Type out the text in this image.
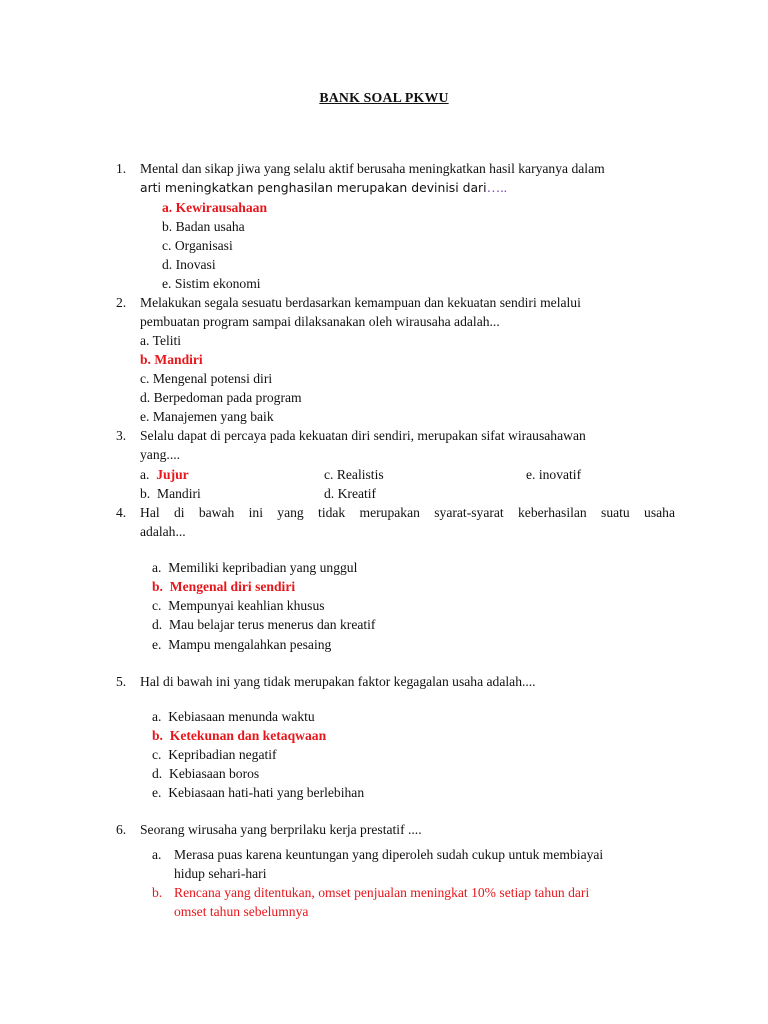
BANK SOAL PKWU
1. Mental dan sikap jiwa yang selalu aktif berusaha meningkatkan hasil karyanya dalam
arti meningkatkan penghasilan merupakan devinisi dari…..
a. Kewirausahaan
b. Badan usaha
c. Organisasi
d. Inovasi
e. Sistim ekonomi
2. Melakukan segala sesuatu berdasarkan kemampuan dan kekuatan sendiri melalui
pembuatan program sampai dilaksanakan oleh wirausaha adalah...
a. Teliti
b. Mandiri
c. Mengenal potensi diri
d. Berpedoman pada program
e. Manajemen yang baik
3. Selalu dapat di percaya pada kekuatan diri sendiri, merupakan sifat wirausahawan
yang....
a. Jujur
b. Mandiri
c. Realistis
d. Kreatif
e. inovatif
4. Hal di bawah ini yang tidak merupakan syarat-syarat keberhasilan suatu usaha
adalah...
a. Memiliki kepribadian yang unggul
b. Mengenal diri sendiri
c. Mempunyai keahlian khusus
d. Mau belajar terus menerus dan kreatif
e. Mampu mengalahkan pesaing
5. Hal di bawah ini yang tidak merupakan faktor kegagalan usaha adalah....
a. Kebiasaan menunda waktu
b. Ketekunan dan ketaqwaan
c. Kepribadian negatif
d. Kebiasaan boros
e. Kebiasaan hati-hati yang berlebihan
6. Seorang wirusaha yang berprilaku kerja prestatif ....
a. Merasa puas karena keuntungan yang diperoleh sudah cukup untuk membiayai
hidup sehari-hari
b. Rencana yang ditentukan, omset penjualan meningkat 10% setiap tahun dari
omset tahun sebelumnya
